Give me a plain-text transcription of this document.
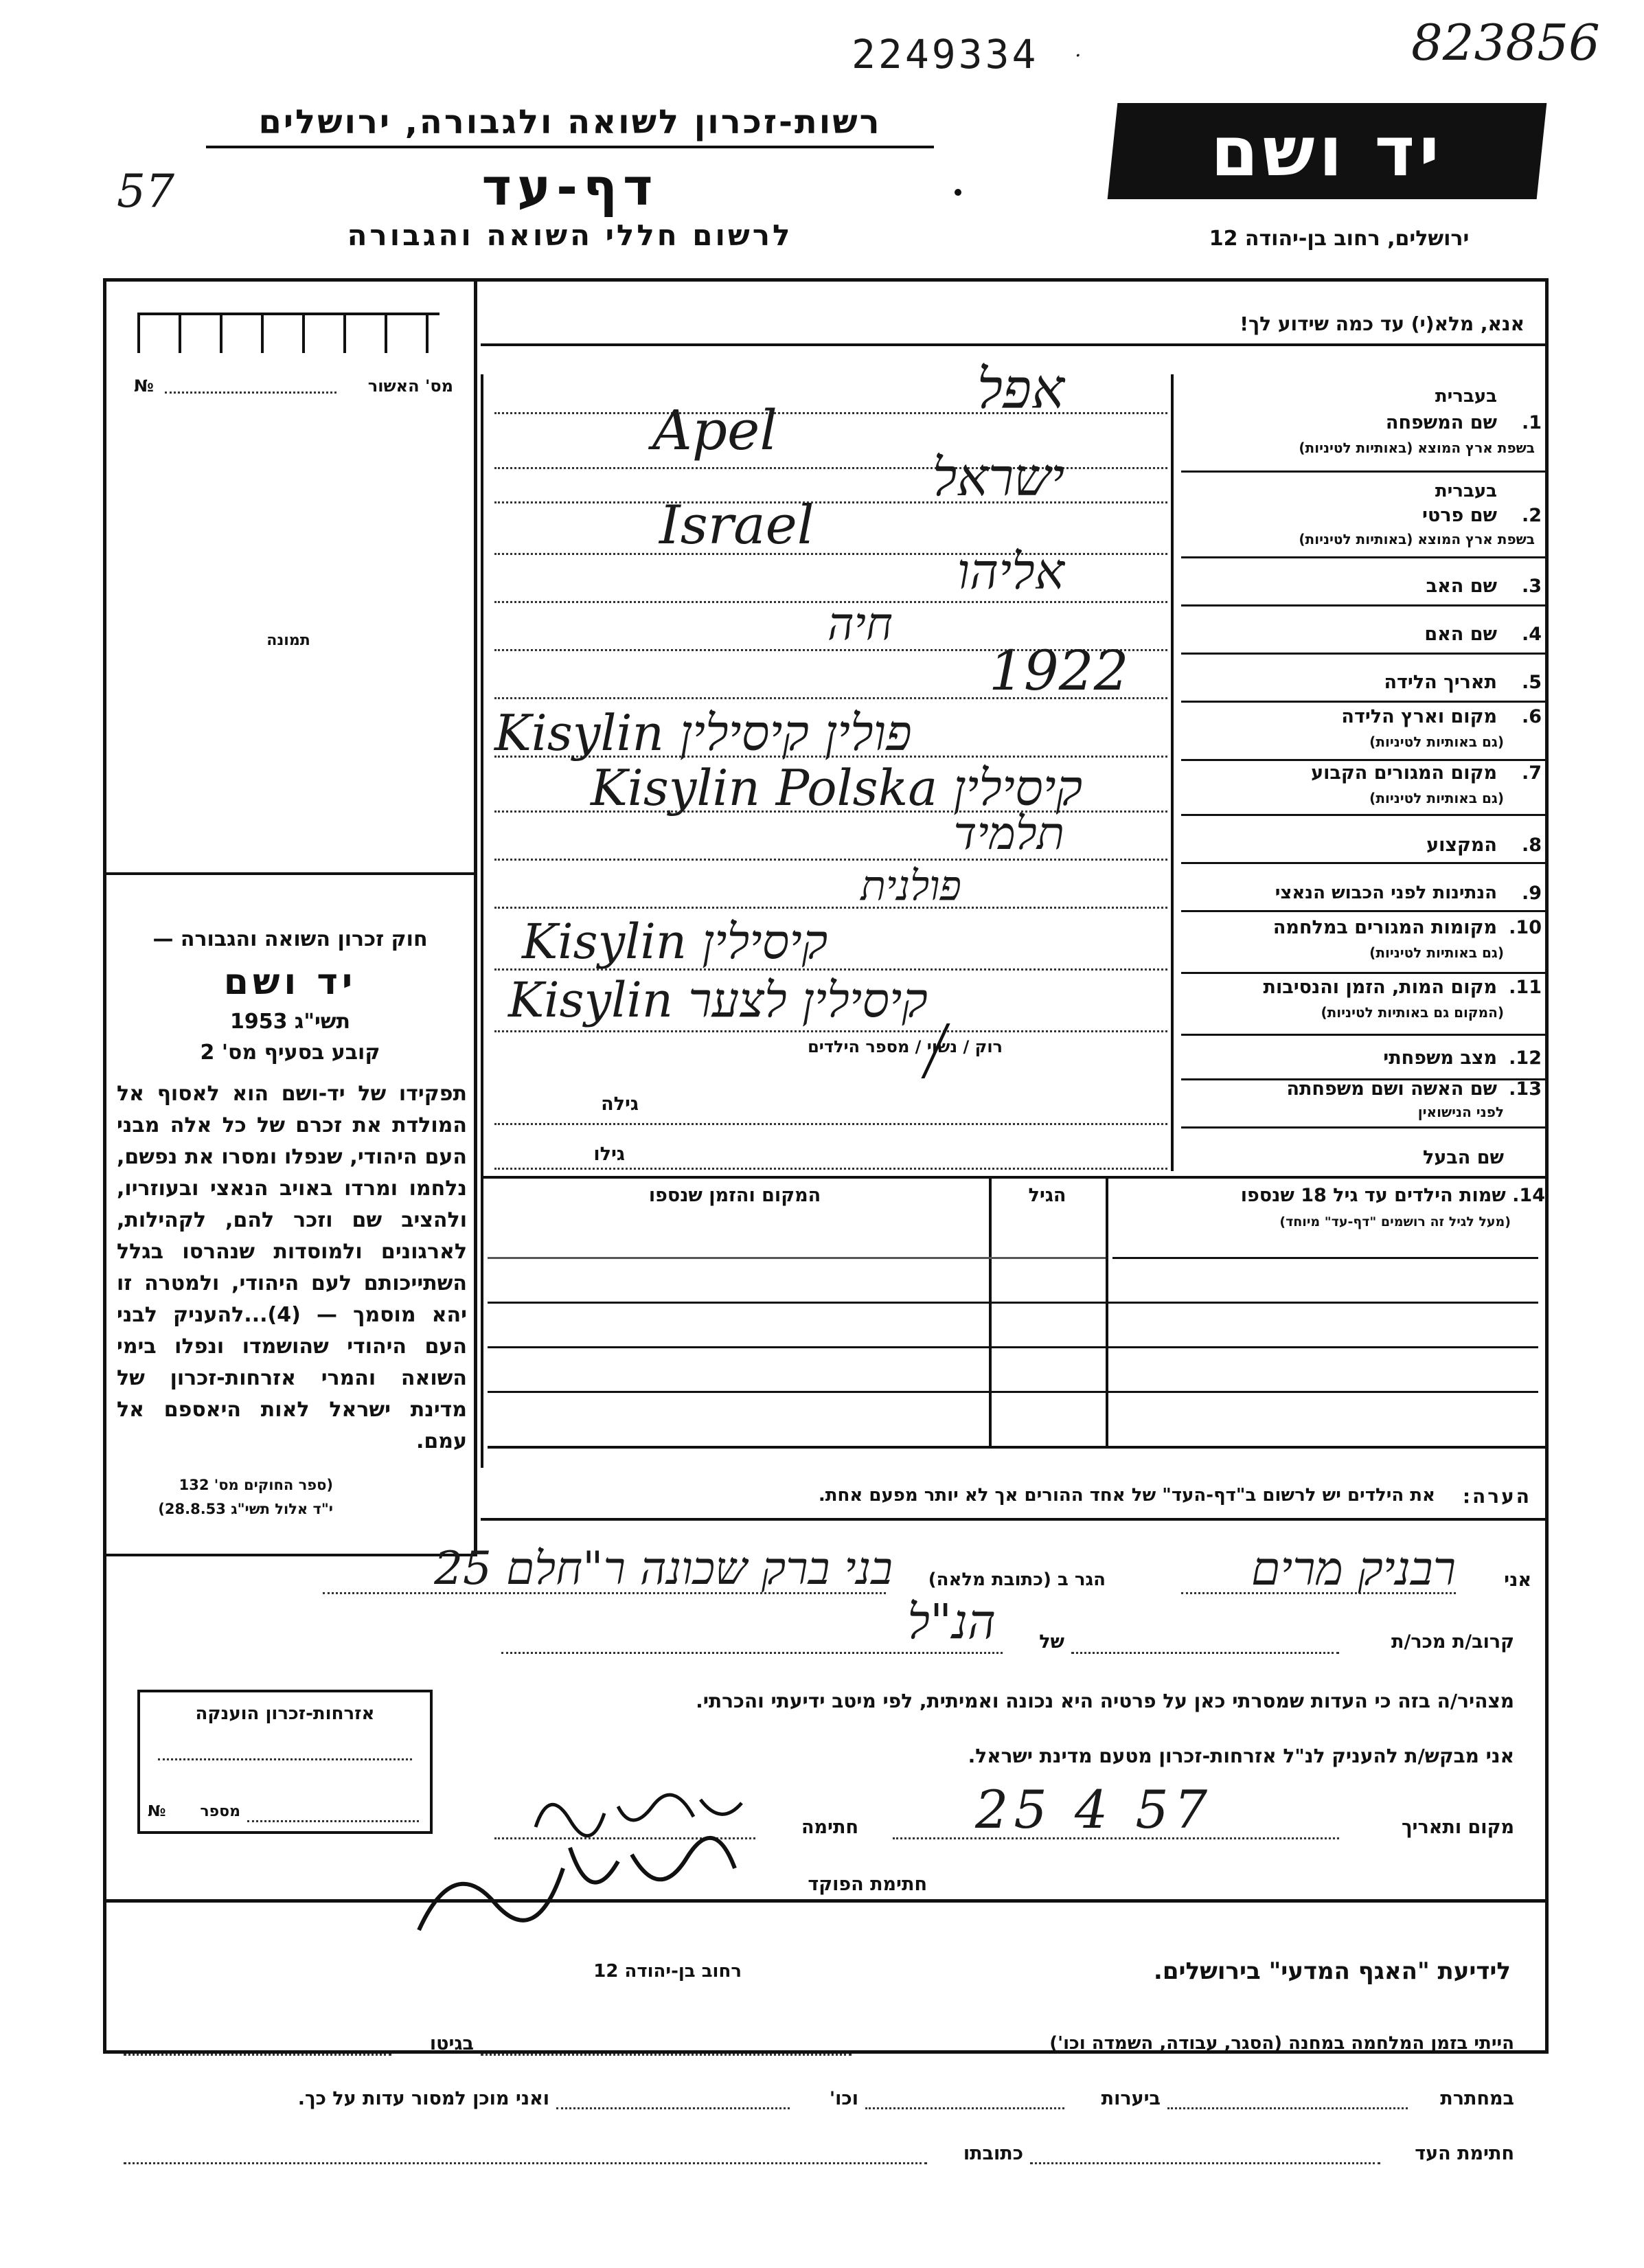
2249334 .	823856
57
רשות-זכרון לשואה ולגבורה, ירושלים
דף-עד
לרשום חללי השואה והגבורה
יד ושם
ירושלים, רחוב בן-יהודה 12
אנא, מלא(י) עד כמה שידוע לך!
№	מס' האשור
תמונה
חוק זכרון השואה והגבורה —
יד ושם
תשי"ג 1953
קובע בסעיף מס' 2
תפקידו של יד-ושם הוא לאסוף אל המולדת את זכרם של כל אלה מבני העם היהודי, שנפלו ומסרו את נפשם, נלחמו ומרדו באויב הנאצי ובעוזריו, ולהציב שם וזכר להם, לקהילות, לארגונים ולמוסדות שנהרסו בגלל השתייכותם לעם היהודי, ולמטרה זו יהא מוסמך — (4)...להעניק לבני העם היהודי שהושמדו ונפלו בימי השואה והמרי אזרחות-זכרון של מדינת ישראל לאות היאספם אל עמם.
(ספר החוקים מס' 132
י"ד אלול תשי"ג 28.8.53)
בעברית
שם המשפחה	1.
בשפת ארץ המוצא (באותיות לטיניות)
אפל
Apel
בעברית
שם פרטי	2.
בשפת ארץ המוצא (באותיות לטיניות)
ישראל
Israel
שם האב	3.
אליהו
שם האם	4.
חיה
תאריך הלידה	5.
1922
מקום וארץ הלידה	6.
(גם באותיות לטיניות)
Kisylin פולין קיסילין
מקום המגורים הקבוע	7.
(גם באותיות לטיניות)
Kisylin Polska קיסילין
המקצוע	8.
תלמיד
הנתינות לפני הכבוש הנאצי	9.
פולנית
מקומות המגורים במלחמה 10.
(גם באותיות לטיניות)
Kisylin קיסילין
מקום המות, הזמן והנסיבות 11.
(המקום גם באותיות לטיניות)
Kisylin קיסילין לצער
רוק / נשוי / מספר הילדים
מצב משפחתי 12.
שם האשה ושם משפחתה 13.
לפני הנישואין
גילה
גילו	שם הבעל
14. שמות הילדים עד גיל 18 שנספו
(מעל לגיל זה רושמים "דף-עד" מיוחד)
הגיל
המקום והזמן שנספו
הערה:
את הילדים יש לרשום ב"דף-העד" של אחד ההורים אך לא יותר מפעם אחת.
אני
רבניק מרים
הגר ב (כתובת מלאה)
בני ברק שכונה ר"חלם 25
קרוב/ת מכר/ת
של
הנ"ל
מצהיר/ה בזה כי העדות שמסרתי כאן על פרטיה היא נכונה ואמיתית, לפי מיטב ידיעתי והכרתי.
אני מבקש/ת להעניק לנ"ל אזרחות-זכרון מטעם מדינת ישראל.
מקום ותאריך
25 4 57
חתימה
חתימת הפוקד
אזרחות-זכרון הוענקה
מספר
№
לידיעת "האגף המדעי" בירושלים.
רחוב בן-יהודה 12
הייתי בזמן המלחמה במחנה (הסגר, עבודה, השמדה וכו')
בגיטו
במחתרת
ביערות
וכו'
ואני מוכן למסור עדות על כך.
חתימת העד
כתובתו
